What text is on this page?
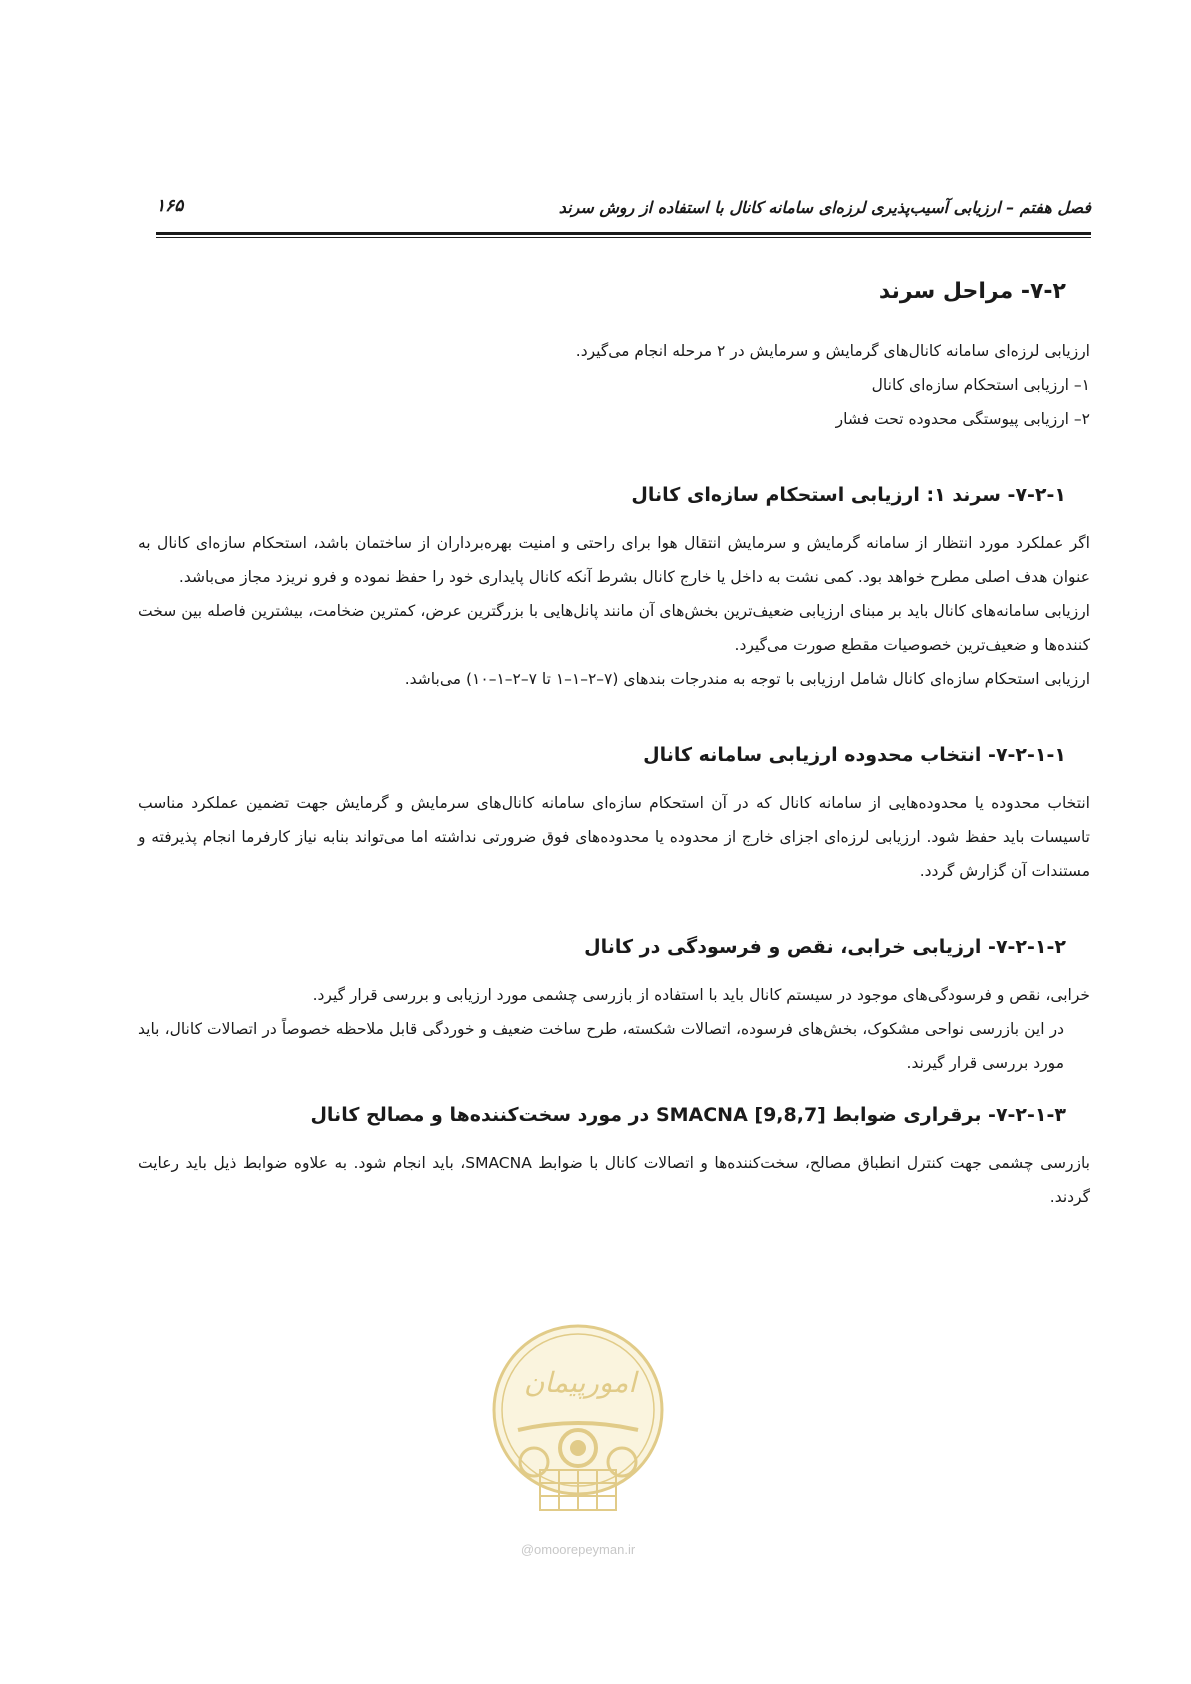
فصل هفتم – ارزیابی آسیب‌پذیری لرزه‌ای سامانه کانال با استفاده از روش سرند
۱۶۵
۷-۲- مراحل سرند

ارزیابی لرزه‌ای سامانه کانال‌های گرمایش و سرمایش در ۲ مرحله انجام می‌گیرد.

۱– ارزیابی استحکام سازه‌ای کانال

۲– ارزیابی پیوستگی محدوده تحت فشار

۷-۲-۱- سرند ۱: ارزیابی استحکام سازه‌ای کانال

اگر عملکرد مورد انتظار از سامانه گرمایش و سرمایش انتقال هوا برای راحتی و امنیت بهره‌برداران از ساختمان باشد، استحکام سازه‌ای کانال به عنوان هدف اصلی مطرح خواهد بود. کمی نشت به داخل یا خارج کانال بشرط آنکه کانال پایداری خود را حفظ نموده و فرو نریزد مجاز می‌باشد.

ارزیابی سامانه‌های کانال باید بر مبنای ارزیابی ضعیف‌ترین بخش‌های آن مانند پانل‌هایی با بزرگترین عرض، کمترین ضخامت، بیشترین فاصله بین سخت کننده‌ها و ضعیف‌ترین خصوصیات مقطع صورت می‌گیرد.

ارزیابی استحکام سازه‌ای کانال شامل ارزیابی با توجه به مندرجات بندهای (۷–۲–۱–۱ تا ۷–۲–۱–۱۰) می‌باشد.

۷-۲-۱-۱- انتخاب محدوده ارزیابی سامانه کانال

انتخاب محدوده یا محدوده‌هایی از سامانه کانال که در آن استحکام سازه‌ای سامانه کانال‌های سرمایش و گرمایش جهت تضمین عملکرد مناسب تاسیسات باید حفظ شود. ارزیابی لرزه‌ای اجزای خارج از محدوده یا محدوده‌های فوق ضرورتی نداشته اما می‌تواند بنابه نیاز کارفرما انجام پذیرفته و مستندات آن گزارش گردد.

۷-۲-۱-۲- ارزیابی خرابی، نقص و فرسودگی در کانال

خرابی، نقص و فرسودگی‌های موجود در سیستم کانال باید با استفاده از بازرسی چشمی مورد ارزیابی و بررسی قرار گیرد.

در این بازرسی نواحی مشکوک، بخش‌های فرسوده، اتصالات شکسته، طرح ساخت ضعیف و خوردگی قابل ملاحظه خصوصاً در اتصالات کانال، باید مورد بررسی قرار گیرند.

۷-۲-۱-۳- برقراری ضوابط SMACNA [9,8,7] در مورد سخت‌کننده‌ها و مصالح کانال

بازرسی چشمی جهت کنترل انطباق مصالح، سخت‌کننده‌ها و اتصالات کانال با ضوابط SMACNA، باید انجام شود. به علاوه ضوابط ذیل باید رعایت گردند.

امورپیمان
@omoorepeyman.ir
